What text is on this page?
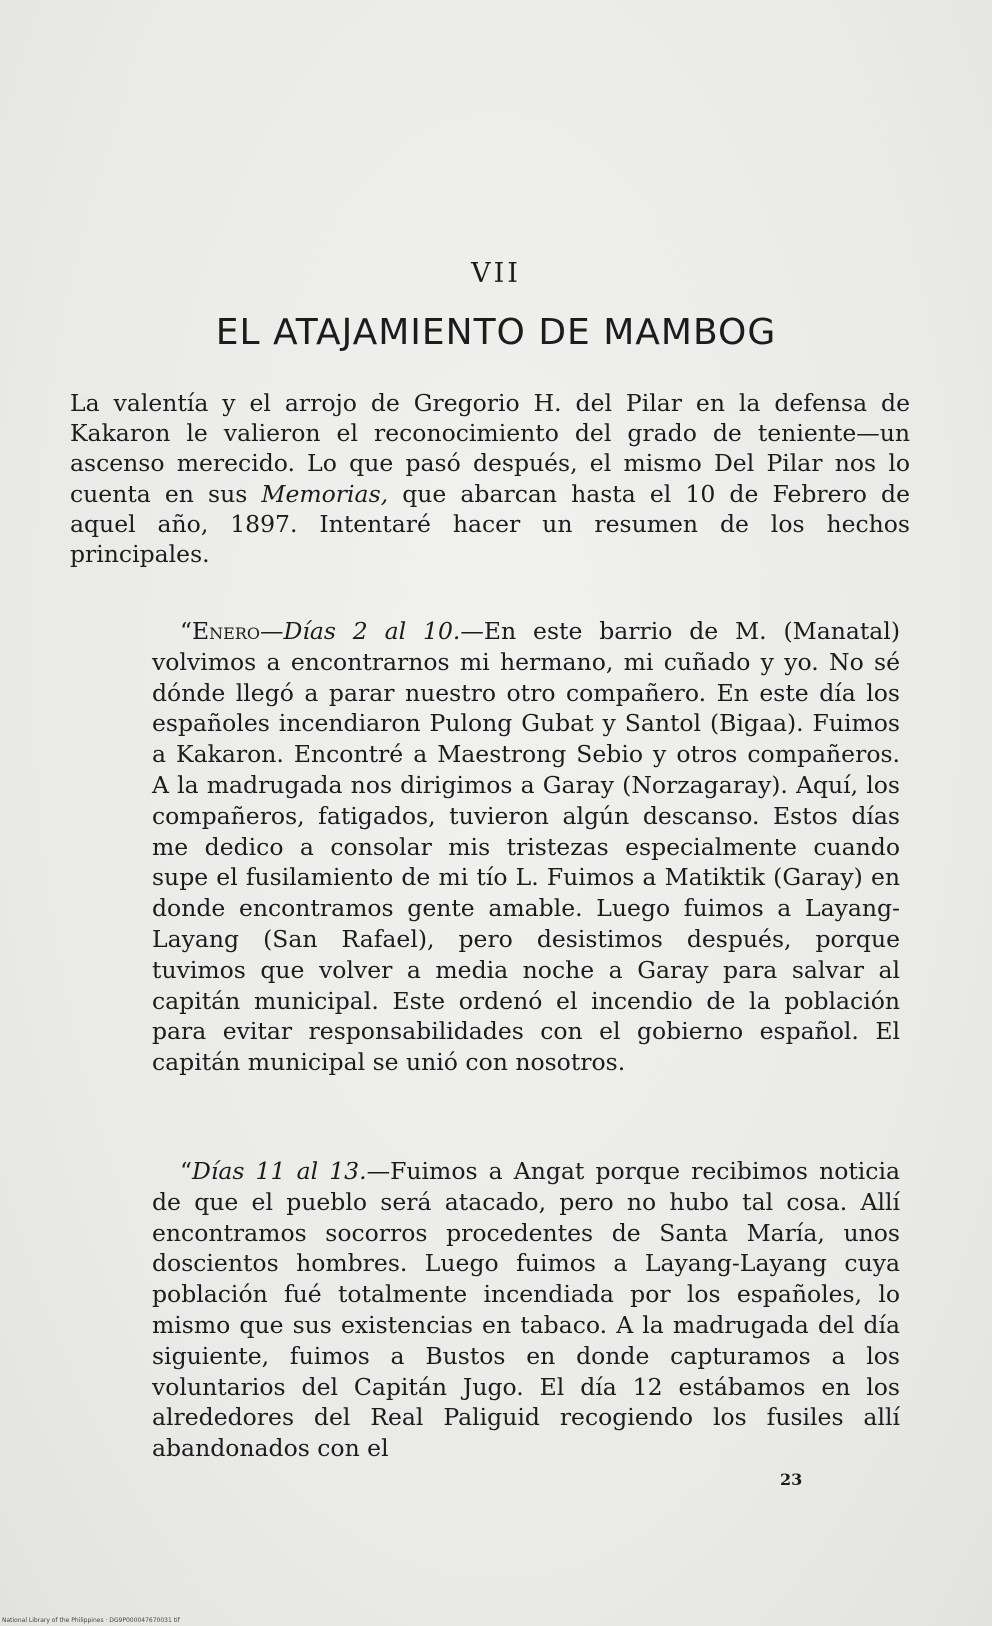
VII
EL ATAJAMIENTO DE MAMBOG

La valentía y el arrojo de Gregorio H. del Pilar en la defensa de Kakaron le valieron el reconocimiento del grado de teniente—un ascenso merecido. Lo que pasó después, el mismo Del Pilar nos lo cuenta en sus Memorias, que abarcan hasta el 10 de Febrero de aquel año, 1897. Intentaré hacer un resumen de los hechos principales.

“Enero—Días 2 al 10.—En este barrio de M. (Manatal) volvimos a encontrarnos mi hermano, mi cuñado y yo. No sé dónde llegó a parar nuestro otro compañero. En este día los españoles incendiaron Pulong Gubat y Santol (Bigaa). Fuimos a Kakaron. Encontré a Maestrong Sebio y otros compañeros. A la madrugada nos dirigimos a Garay (Norzagaray). Aquí, los compañeros, fatigados, tuvieron algún descanso. Estos días me dedico a consolar mis tristezas especialmente cuando supe el fusilamiento de mi tío L. Fuimos a Matiktik (Garay) en donde encontramos gente amable. Luego fuimos a Layang-Layang (San Rafael), pero desistimos después, porque tuvimos que volver a media noche a Garay para salvar al capitán municipal. Este ordenó el incendio de la población para evitar responsabilidades con el gobierno español. El capitán municipal se unió con nosotros.

“Días 11 al 13.—Fuimos a Angat porque recibimos noticia de que el pueblo será atacado, pero no hubo tal cosa. Allí encontramos socorros procedentes de Santa María, unos doscientos hombres. Luego fuimos a Layang-Layang cuya población fué totalmente incendiada por los españoles, lo mismo que sus existencias en tabaco. A la madrugada del día siguiente, fuimos a Bustos en donde capturamos a los voluntarios del Capitán Jugo. El día 12 estábamos en los alrededores del Real Paliguid recogiendo los fusiles allí abandonados con el

23
National Library of the Philippines · DG9P000047670031 tif
